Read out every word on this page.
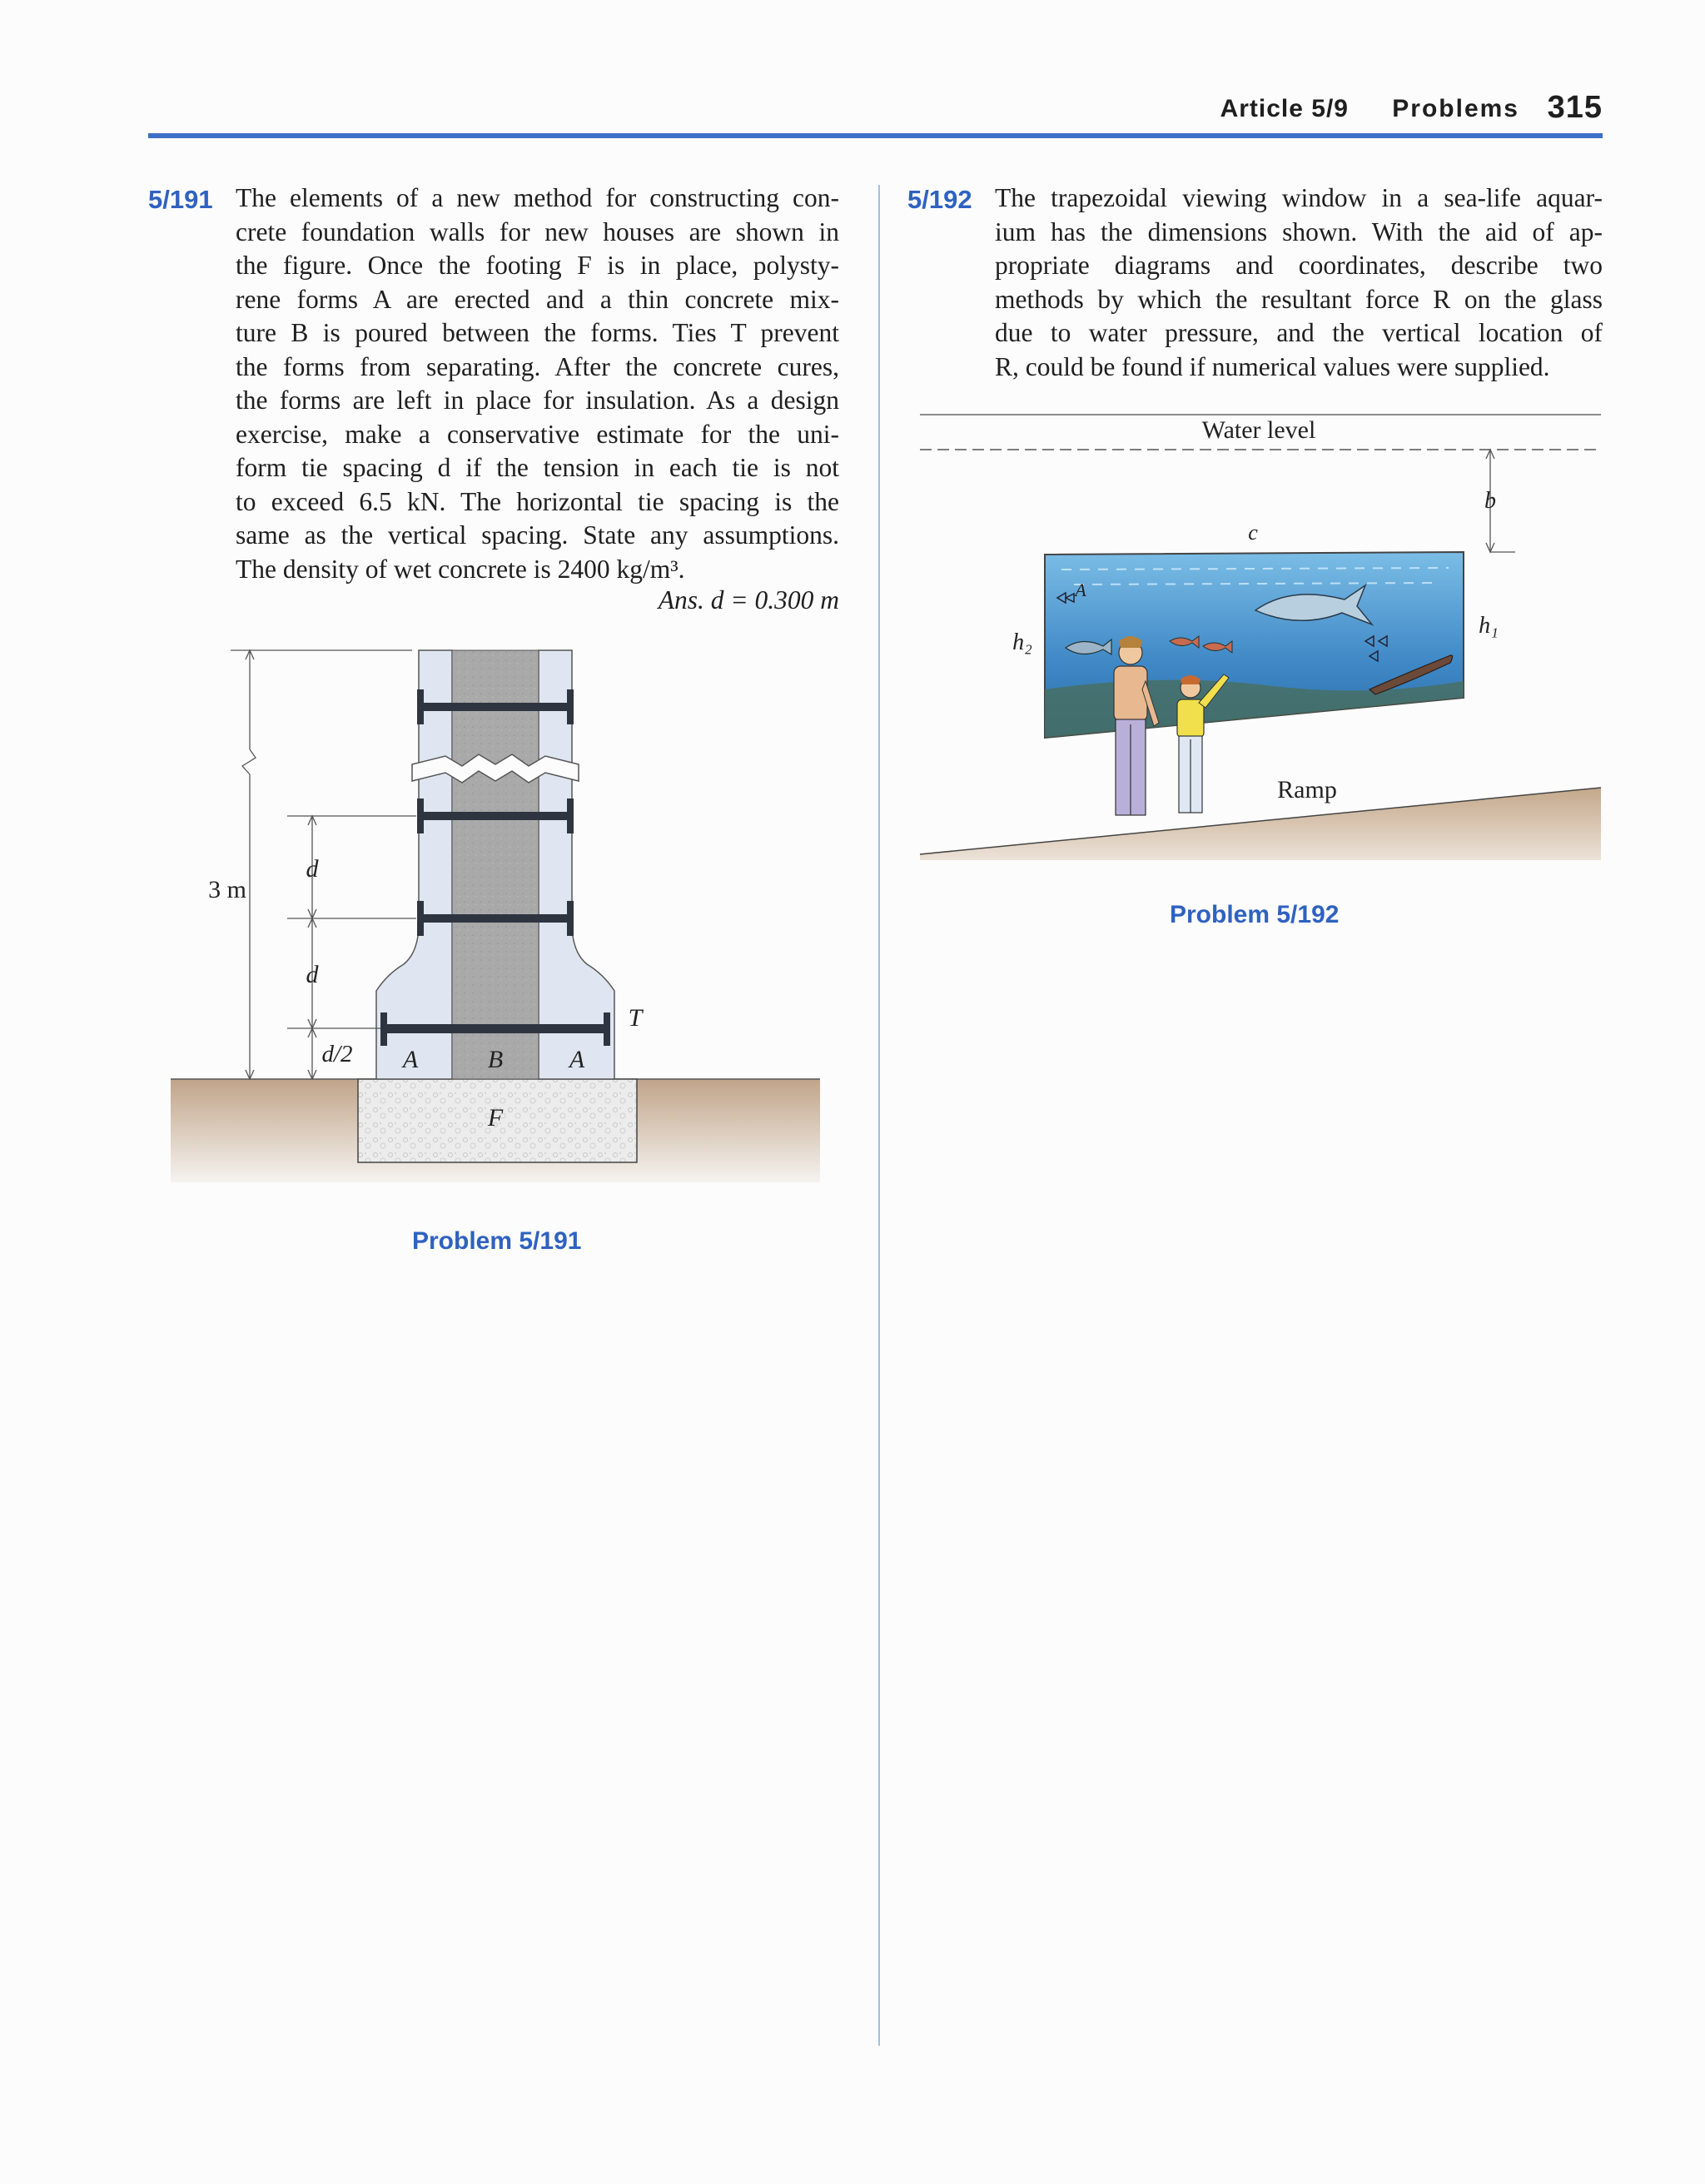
Article 5/9 Problems 315
5/191 The elements of a new method for constructing con-
crete foundation walls for new houses are shown in
the figure. Once the footing F is in place, polysty-
rene forms A are erected and a thin concrete mix-
ture B is poured between the forms. Ties T prevent
the forms from separating. After the concrete cures,
the forms are left in place for insulation. As a design
exercise, make a conservative estimate for the uni-
form tie spacing d if the tension in each tie is not
to exceed 6.5 kN. The horizontal tie spacing is the
same as the vertical spacing. State any assumptions.
The density of wet concrete is 2400 kg/m³.
Ans. d = 0.300 m
3 m
d
d
d/2 A	B	A
F
T
Problem 5/191
5/192 The trapezoidal viewing window in a sea-life aquar-
ium has the dimensions shown. With the aid of ap-
propriate diagrams and coordinates, describe two
methods by which the resultant force R on the glass
due to water pressure, and the vertical location of
R, could be found if numerical values were supplied.
Water level
b
c
h₁
h₂
A
Ramp
Problem 5/192
